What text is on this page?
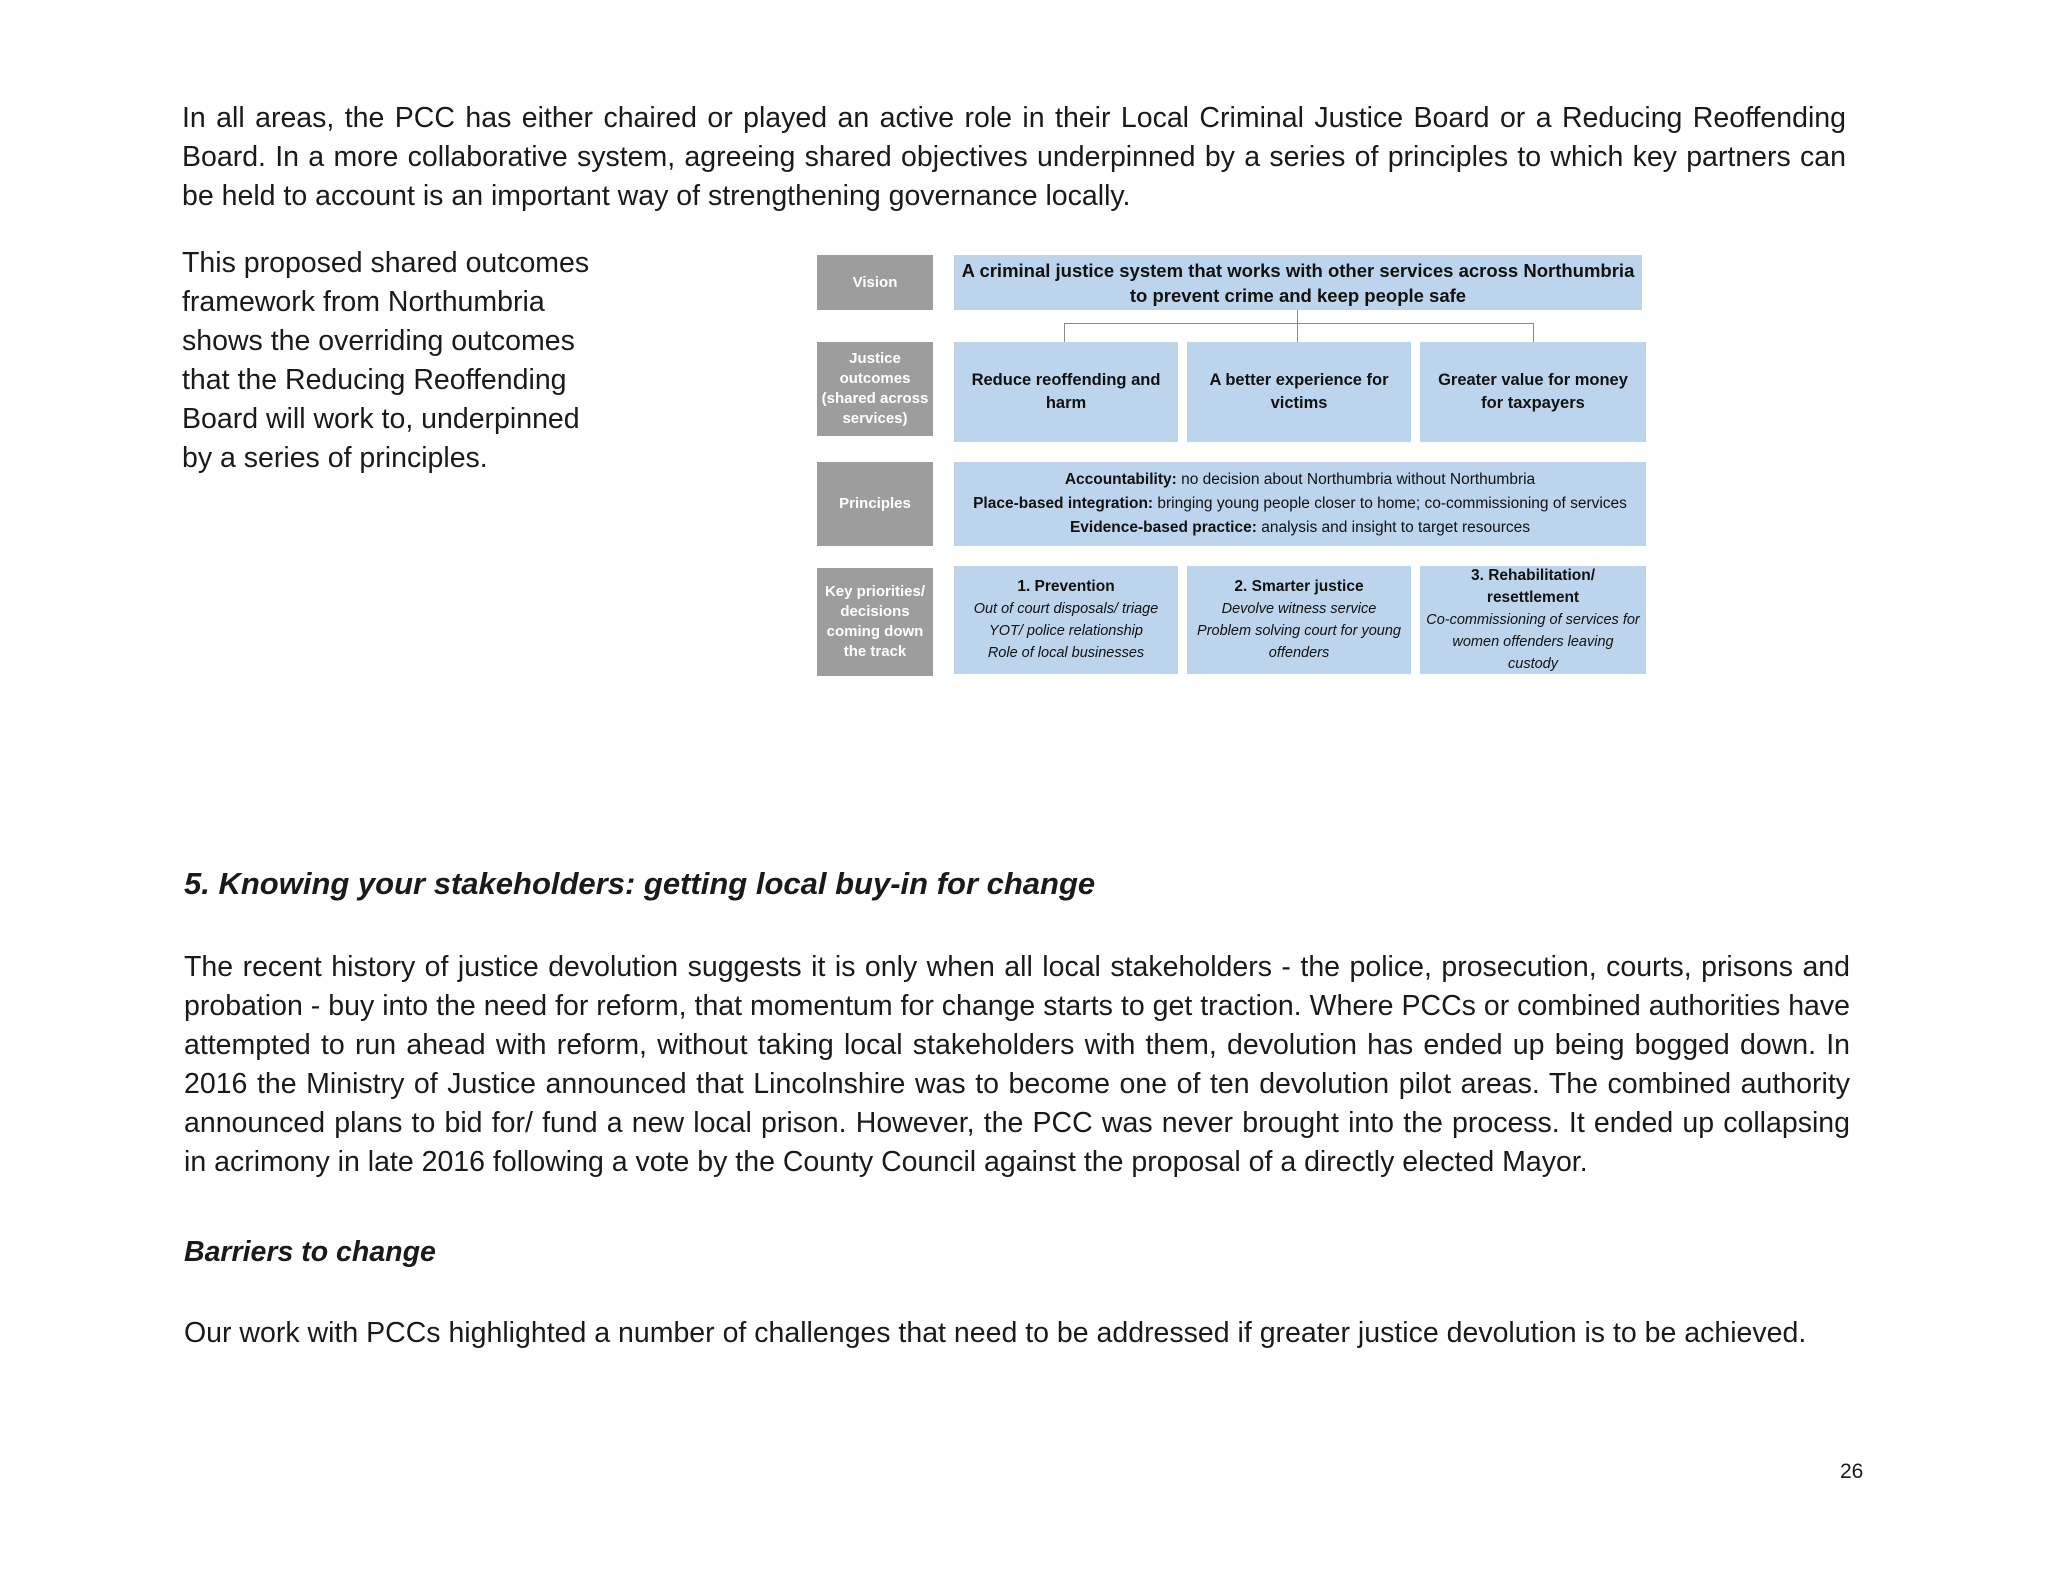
In all areas, the PCC has either chaired or played an active role in their Local Criminal Justice Board or a Reducing Reoffending Board. In a more collaborative system, agreeing shared objectives underpinned by a series of principles to which key partners can be held to account is an important way of strengthening governance locally.

This proposed shared outcomes framework from Northumbria shows the overriding outcomes that the Reducing Reoffending Board will work to, underpinned by a series of principles.

Vision
Justice outcomes (shared across services)
Principles
Key priorities/ decisions coming down the track
A criminal justice system that works with other services across Northumbria to prevent crime and keep people safe
Reduce reoffending and harm
A better experience for victims
Greater value for money for taxpayers
Accountability: no decision about Northumbria without Northumbria
Place-based integration: bringing young people closer to home; co-commissioning of services
Evidence-based practice: analysis and insight to target resources
1. Prevention
Out of court disposals/ triage
YOT/ police relationship
Role of local businesses
2. Smarter justice
Devolve witness service
Problem solving court for young offenders
3. Rehabilitation/ resettlement
Co-commissioning of services for women offenders leaving custody
5. Knowing your stakeholders: getting local buy-in for change

The recent history of justice devolution suggests it is only when all local stakeholders - the police, prosecution, courts, prisons and probation - buy into the need for reform, that momentum for change starts to get traction. Where PCCs or combined authorities have attempted to run ahead with reform, without taking local stakeholders with them, devolution has ended up being bogged down. In 2016 the Ministry of Justice announced that Lincolnshire was to become one of ten devolution pilot areas. The combined authority announced plans to bid for/ fund a new local prison. However, the PCC was never brought into the process. It ended up collapsing in acrimony in late 2016 following a vote by the County Council against the proposal of a directly elected Mayor.

Barriers to change

Our work with PCCs highlighted a number of challenges that need to be addressed if greater justice devolution is to be achieved.

26
